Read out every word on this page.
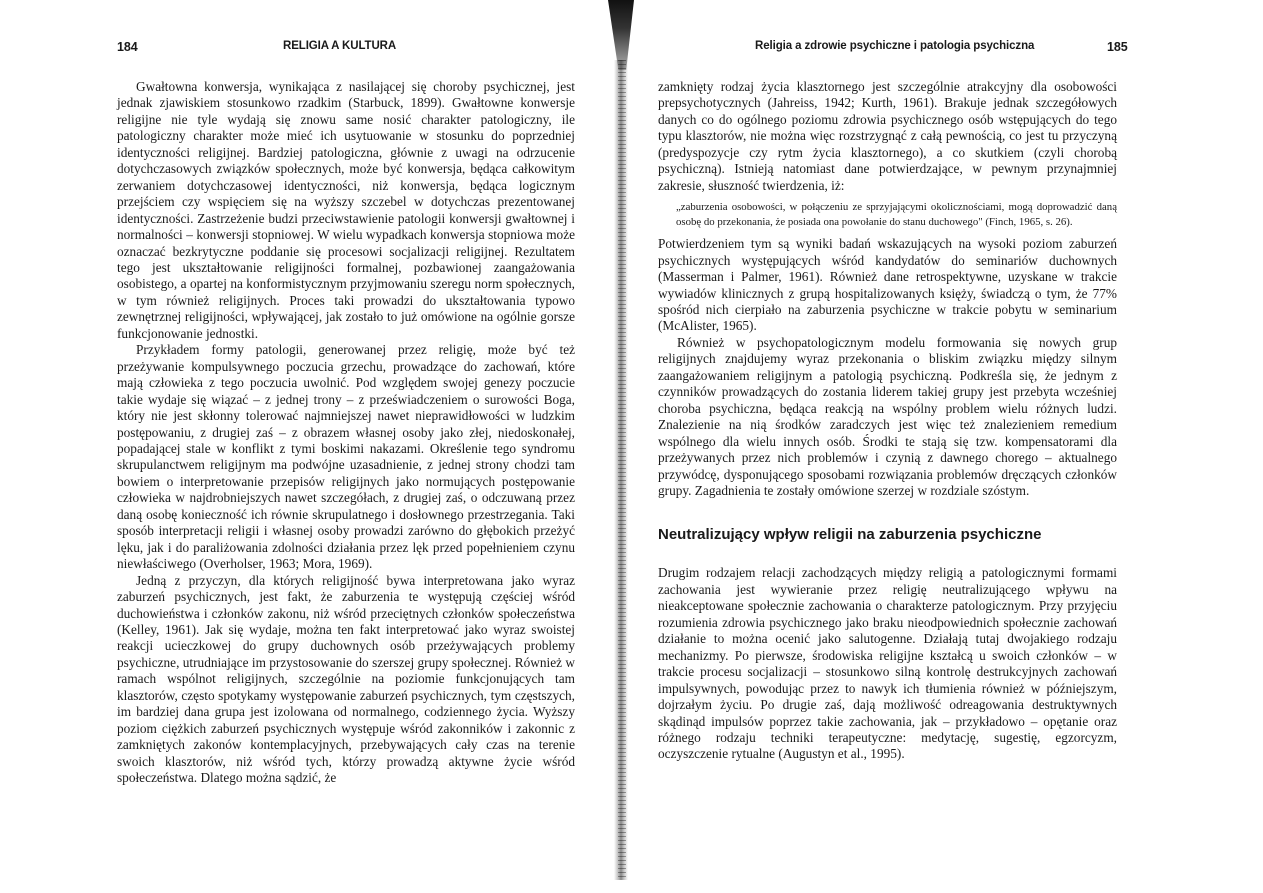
184	RELIGIA A KULTURA

Gwałtowna konwersja, wynikająca z nasilającej się choroby psychicznej, jest jednak zjawiskiem stosunkowo rzadkim (Starbuck, 1899). Gwałtowne konwersje religijne nie tyle wydają się znowu same nosić charakter patologiczny, ile patologiczny charakter może mieć ich usytuowanie w stosunku do poprzedniej identyczności religijnej. Bardziej patologiczna, głównie z uwagi na odrzucenie dotychczasowych związków społecznych, może być konwersja, będąca całkowitym zerwaniem dotychczasowej identyczności, niż konwersja, będąca logicznym przejściem czy wspięciem się na wyższy szczebel w dotychczas prezentowanej identyczności. Zastrzeżenie budzi przeciwstawienie patologii konwersji gwałtownej i normalności – konwersji stopniowej. W wielu wypadkach konwersja stopniowa może oznaczać bezkrytyczne poddanie się procesowi socjalizacji religijnej. Rezultatem tego jest ukształtowanie religijności formalnej, pozbawionej zaangażowania osobistego, a opartej na konformistycznym przyjmowaniu szeregu norm społecznych, w tym również religijnych. Proces taki prowadzi do ukształtowania typowo zewnętrznej religijności, wpływającej, jak zostało to już omówione na ogólnie gorsze funkcjonowanie jednostki.

Przykładem formy patologii, generowanej przez religię, może być też przeżywanie kompulsywnego poczucia grzechu, prowadzące do zachowań, które mają człowieka z tego poczucia uwolnić. Pod względem swojej genezy poczucie takie wydaje się wiązać – z jednej trony – z przeświadczeniem o surowości Boga, który nie jest skłonny tolerować najmniejszej nawet nieprawidłowości w ludzkim postępowaniu, z drugiej zaś – z obrazem własnej osoby jako złej, niedoskonałej, popadającej stale w konflikt z tymi boskimi nakazami. Określenie tego syndromu skrupulanctwem religijnym ma podwójne uzasadnienie, z jednej strony chodzi tam bowiem o interpretowanie przepisów religijnych jako normujących postępowanie człowieka w najdrobniejszych nawet szczegółach, z drugiej zaś, o odczuwaną przez daną osobę konieczność ich równie skrupulatnego i dosłownego przestrzegania. Taki sposób interpretacji religii i własnej osoby prowadzi zarówno do głębokich przeżyć lęku, jak i do paraliżowania zdolności działania przez lęk przed popełnieniem czynu niewłaściwego (Overholser, 1963; Mora, 1969).

Jedną z przyczyn, dla których religijność bywa interpretowana jako wyraz zaburzeń psychicznych, jest fakt, że zaburzenia te występują częściej wśród duchowieństwa i członków zakonu, niż wśród przeciętnych członków społeczeństwa (Kelley, 1961). Jak się wydaje, można ten fakt interpretować jako wyraz swoistej reakcji ucieczkowej do grupy duchownych osób przeżywających problemy psychiczne, utrudniające im przystosowanie do szerszej grupy społecznej. Również w ramach wspólnot religijnych, szczególnie na poziomie funkcjonujących tam klasztorów, często spotykamy występowanie zaburzeń psychicznych, tym częstszych, im bardziej dana grupa jest izolowana od normalnego, codziennego życia. Wyższy poziom ciężkich zaburzeń psychicznych występuje wśród zakonników i zakonnic z zamkniętych zakonów kontemplacyjnych, przebywających cały czas na terenie swoich klasztorów, niż wśród tych, którzy prowadzą aktywne życie wśród społeczeństwa. Dlatego można sądzić, że

Religia a zdrowie psychiczne i patologia psychiczna	185

zamknięty rodzaj życia klasztornego jest szczególnie atrakcyjny dla osobowości prepsychotycznych (Jahreiss, 1942; Kurth, 1961). Brakuje jednak szczegółowych danych co do ogólnego poziomu zdrowia psychicznego osób wstępujących do tego typu klasztorów, nie można więc rozstrzygnąć z całą pewnością, co jest tu przyczyną (predyspozycje czy rytm życia klasztornego), a co skutkiem (czyli chorobą psychiczną). Istnieją natomiast dane potwierdzające, w pewnym przynajmniej zakresie, słuszność twierdzenia, iż:

„zaburzenia osobowości, w połączeniu ze sprzyjającymi okolicznościami, mogą doprowadzić daną osobę do przekonania, że posiada ona powołanie do stanu duchowego" (Finch, 1965, s. 26).

Potwierdzeniem tym są wyniki badań wskazujących na wysoki poziom zaburzeń psychicznych występujących wśród kandydatów do seminariów duchownych (Masserman i Palmer, 1961). Również dane retrospektywne, uzyskane w trakcie wywiadów klinicznych z grupą hospitalizowanych księży, świadczą o tym, że 77% spośród nich cierpiało na zaburzenia psychiczne w trakcie pobytu w seminarium (McAlister, 1965).

Również w psychopatologicznym modelu formowania się nowych grup religijnych znajdujemy wyraz przekonania o bliskim związku między silnym zaangażowaniem religijnym a patologią psychiczną. Podkreśla się, że jednym z czynników prowadzących do zostania liderem takiej grupy jest przebyta wcześniej choroba psychiczna, będąca reakcją na wspólny problem wielu różnych ludzi. Znalezienie na nią środków zaradczych jest więc też znalezieniem remedium wspólnego dla wielu innych osób. Środki te stają się tzw. kompensatorami dla przeżywanych przez nich problemów i czynią z dawnego chorego – aktualnego przywódcę, dysponującego sposobami rozwiązania problemów dręczących członków grupy. Zagadnienia te zostały omówione szerzej w rozdziale szóstym.

Neutralizujący wpływ religii na zaburzenia psychiczne

Drugim rodzajem relacji zachodzących między religią a patologicznymi formami zachowania jest wywieranie przez religię neutralizującego wpływu na nieakceptowane społecznie zachowania o charakterze patologicznym. Przy przyjęciu rozumienia zdrowia psychicznego jako braku nieodpowiednich społecznie zachowań działanie to można ocenić jako salutogenne. Działają tutaj dwojakiego rodzaju mechanizmy. Po pierwsze, środowiska religijne kształcą u swoich członków – w trakcie procesu socjalizacji – stosunkowo silną kontrolę destrukcyjnych zachowań impulsywnych, powodując przez to nawyk ich tłumienia również w późniejszym, dojrzałym życiu. Po drugie zaś, dają możliwość odreagowania destruktywnych skądinąd impulsów poprzez takie zachowania, jak – przykładowo – opętanie oraz różnego rodzaju techniki terapeutyczne: medytację, sugestię, egzorcyzm, oczyszczenie rytualne (Augustyn et al., 1995).
